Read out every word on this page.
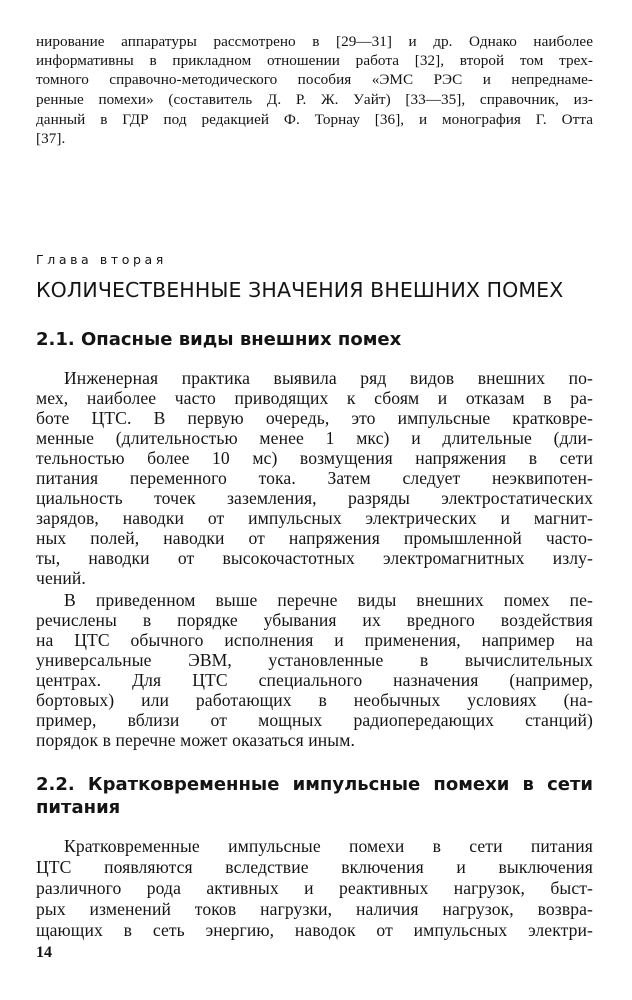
нирование аппаратуры рассмотрено в [29—31] и др. Однако наиболее
информативны в прикладном отношении работа [32], второй том трех-
томного справочно-методического пособия «ЭМС РЭС и непреднаме-
ренные помехи» (составитель Д. Р. Ж. Уайт) [33—35], справочник, из-
данный в ГДР под редакцией Ф. Торнау [36], и монография Г. Отта
[37].
Глава вторая
КОЛИЧЕСТВЕННЫЕ ЗНАЧЕНИЯ ВНЕШНИХ ПОМЕХ
2.1. Опасные виды внешних помех
Инженерная практика выявила ряд видов внешних по-
мех, наиболее часто приводящих к сбоям и отказам в ра-
боте ЦТС. В первую очередь, это импульсные кратковре-
менные (длительностью менее 1 мкс) и длительные (дли-
тельностью более 10 мс) возмущения напряжения в сети
питания переменного тока. Затем следует неэквипотен-
циальность точек заземления, разряды электростатических
зарядов, наводки от импульсных электрических и магнит-
ных полей, наводки от напряжения промышленной часто-
ты, наводки от высокочастотных электромагнитных излу-
чений.
В приведенном выше перечне виды внешних помех пе-
речислены в порядке убывания их вредного воздействия
на ЦТС обычного исполнения и применения, например на
универсальные ЭВМ, установленные в вычислительных
центрах. Для ЦТС специального назначения (например,
бортовых) или работающих в необычных условиях (на-
пример, вблизи от мощных радиопередающих станций)
порядок в перечне может оказаться иным.
2.2. Кратковременные импульсные помехи в сети
питания
Кратковременные импульсные помехи в сети питания
ЦТС появляются вследствие включения и выключения
различного рода активных и реактивных нагрузок, быст-
рых изменений токов нагрузки, наличия нагрузок, возвра-
щающих в сеть энергию, наводок от импульсных электри-
14
